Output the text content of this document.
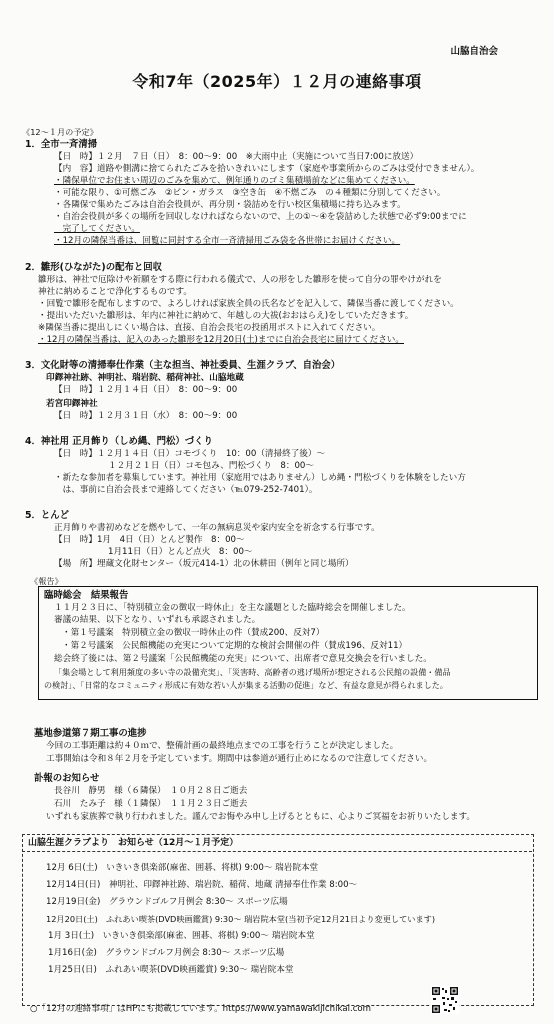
山脇自治会
令和7年（2025年）１２月の連絡事項
《12～１月の予定》
1．全市一斉清掃
【日　時】１２月　７日（日）　8：00～9：00　※大雨中止（実施について当日7:00に放送）
【内　容】道路や側溝に捨てられたごみを拾いきれいにします（家庭や事業所からのごみは受付できません）。
・隣保単位でお住まい周辺のごみを集めて、例年通りのゴミ集積場前などに集めてください。
・可能な限り、①可燃ごみ　②ビン・ガラス　③空き缶　④不燃ごみ　の４種類に分別してください。
・各隣保で集めたごみは自治会役員が、再分別・袋詰めを行い校区集積場に持ち込みます。
・自治会役員が多くの場所を回収しなければならないので、上の①～④を袋詰めした状態で必ず9:00までに
　完了してください。
・12月の隣保当番は、回覧に同封する全市一斉清掃用ごみ袋を各世帯にお届けください。
2．雛形(ひながた)の配布と回収
雛形は、神社で厄除けや祈願をする際に行われる儀式で、人の形をした雛形を使って自分の罪やけがれを
神社に納めることで浄化するものです。
・回覧で雛形を配布しますので、よろしければ家族全員の氏名などを記入して、隣保当番に渡してください。
・提出いただいた雛形は、年内に神社に納めて、年越しの大祓(おおはらえ)をしていただきます。
※隣保当番に提出しにくい場合は、直接、自治会長宅の投函用ポストに入れてください。
・12月の隣保当番は、記入のあった雛形を12月20日(土)までに自治会長宅に届けてください。
3．文化財等の清掃奉仕作業（主な担当、神社委員、生涯クラブ、自治会）
印鐸神社跡、神明社、瑞岩院、稲荷神社、山脇地蔵
【日　時】１２月１４日（日）　8：00～9：00
若宮印鐸神社
【日　時】１２月３１日（水）　8：00～9：00
4．神社用 正月飾り（しめ縄、門松）づくり
【日　時】１２月１４日（日）コモづくり　10：00（清掃終了後）～
１２月２１日（日）コモ包み、門松づくり　8：00～
・新たな参加者を募集しています。神社用（家庭用ではありません）しめ縄・門松づくりを体験をしたい方
　は、事前に自治会長まで連絡してください（℡079-252-7401）。
5．とんど
正月飾りや書初めなどを燃やして、一年の無病息災や家内安全を祈念する行事です。
【日　時】1月　4日（日）とんど製作　8：00～
1月11日（日）とんど点火　8：00～
【場　所】埋蔵文化財センター（坂元414-1）北の休耕田（例年と同じ場所）
《報告》
臨時総会　結果報告
１１月２３日に、「特別積立金の徴収一時休止」を主な議題とした臨時総会を開催しました。
審議の結果、以下となり、いずれも承認されました。
・第１号議案　特別積立金の徴収一時休止の件（賛成200、反対7）
・第２号議案　公民館機能の充実について定期的な検討会開催の件（賛成196、反対11）
総会終了後には、第２号議案「公民館機能の充実」について、出席者で意見交換会を行いました。
「集会場として利用頻度の多い寺の設備充実」、「災害時、高齢者の逃げ場所が想定される公民館の設備・備品
の検討」、「日常的なコミュニティ形成に有効な若い人が集まる活動の促進」など、有益な意見が得られました。
墓地参道第７期工事の進捗
今回の工事距離は約４０ｍで、整備計画の最終地点までの工事を行うことが決定しました。
工事開始は令和８年２月を予定しています。期間中は参道が通行止めになるので注意してください。
訃報のお知らせ
長谷川　静男　様（６隣保）　１０月２８日ご逝去
石川　たみ子　様（１隣保）　１１月２３日ご逝去
いずれも家族葬で執り行われました。謹んでお悔やみ申し上げるとともに、心よりご冥福をお祈りいたします。
山脇生涯クラブより　お知らせ（12月～１月予定）
12月 6日(土)　いきいき倶楽部(麻雀、囲碁、将棋) 9:00～ 瑞岩院本堂
12月14日(日)　神明社、印鐸神社跡、瑞岩院、稲荷、地蔵 清掃奉仕作業 8:00～
12月19日(金)　グラウンドゴルフ月例会 8:30～ スポーツ広場
12月20日(土)　ふれあい喫茶(DVD映画鑑賞) 9:30～ 瑞岩院本堂(当初予定12月21日より変更しています)
1月 3日(土)　いきいき倶楽部(麻雀、囲碁、将棋) 9:00～ 瑞岩院本堂
1月16日(金)　グラウンドゴルフ月例会 8:30～ スポーツ広場
1月25日(日)　ふれあい喫茶(DVD映画鑑賞) 9:30～ 瑞岩院本堂
○「12月の連絡事項」はHPにも掲載しています。https://www.yamawakijichikai.com
